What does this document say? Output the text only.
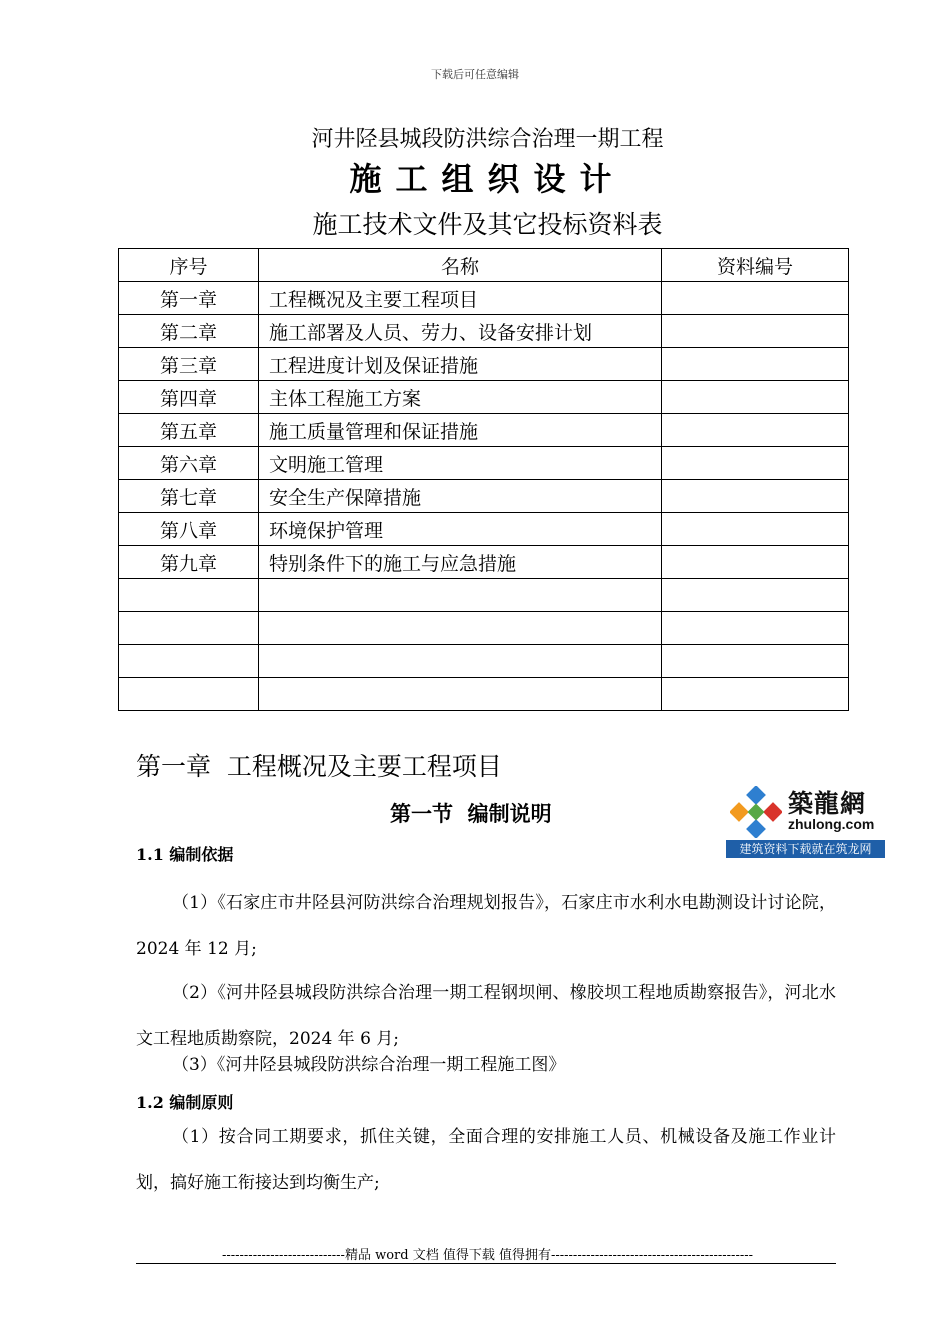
下载后可任意编辑
河井陉县城段防洪综合治理一期工程
施工组织设计
施工技术文件及其它投标资料表
序号	名称	资料编号
第一章	工程概况及主要工程项目	
第二章	施工部署及人员、劳力、设备安排计划	
第三章	工程进度计划及保证措施	
第四章	主体工程施工方案	
第五章	施工质量管理和保证措施	
第六章	文明施工管理	
第七章	安全生产保障措施	
第八章	环境保护管理	
第九章	特别条件下的施工与应急措施	

第一章  工程概况及主要工程项目
第一节  编制说明
1.1 编制依据
（1）《石家庄市井陉县河防洪综合治理规划报告》，石家庄市水利水电勘测设计讨论院，2024 年 12 月;
（2）《河井陉县城段防洪综合治理一期工程钢坝闸、橡胶坝工程地质勘察报告》，河北水文工程地质勘察院，2024 年 6 月;
（3）《河井陉县城段防洪综合治理一期工程施工图》
1.2 编制原则
（1）按合同工期要求，抓住关键，全面合理的安排施工人员、机械设备及施工作业计划，搞好施工衔接达到均衡生产;
築龍網
zhulong.com
建筑资料下载就在筑龙网
----------------------------精品 word 文档 值得下载 值得拥有----------------------------------------------
